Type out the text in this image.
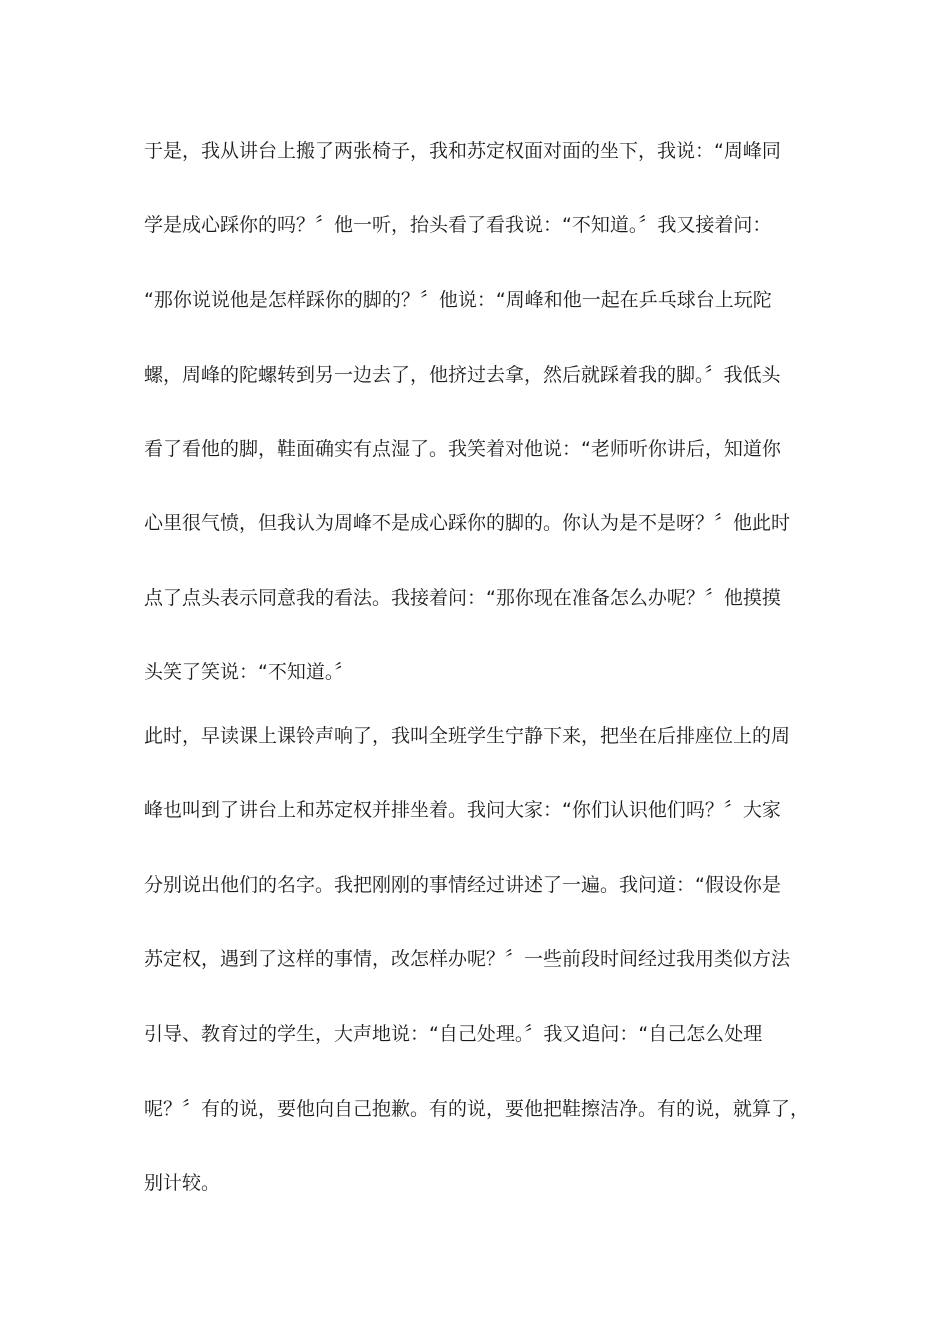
于是，我从讲台上搬了两张椅子，我和苏定权面对面的坐下，我说：“周峰同
学是成心踩你的吗？〞他一听，抬头看了看我说：“不知道。〞我又接着问：
“那你说说他是怎样踩你的脚的？〞他说：“周峰和他一起在乒乓球台上玩陀
螺，周峰的陀螺转到另一边去了，他挤过去拿，然后就踩着我的脚。〞我低头
看了看他的脚，鞋面确实有点湿了。我笑着对他说：“老师听你讲后，知道你
心里很气愤，但我认为周峰不是成心踩你的脚的。你认为是不是呀？〞他此时
点了点头表示同意我的看法。我接着问：“那你现在准备怎么办呢？〞他摸摸
头笑了笑说：“不知道。〞
此时，早读课上课铃声响了，我叫全班学生宁静下来，把坐在后排座位上的周
峰也叫到了讲台上和苏定权并排坐着。我问大家：“你们认识他们吗？〞大家
分别说出他们的名字。我把刚刚的事情经过讲述了一遍。我问道：“假设你是
苏定权，遇到了这样的事情，改怎样办呢？〞一些前段时间经过我用类似方法
引导、教育过的学生，大声地说：“自己处理。〞我又追问：“自己怎么处理
呢？〞有的说，要他向自己抱歉。有的说，要他把鞋擦洁净。有的说，就算了，
别计较。
